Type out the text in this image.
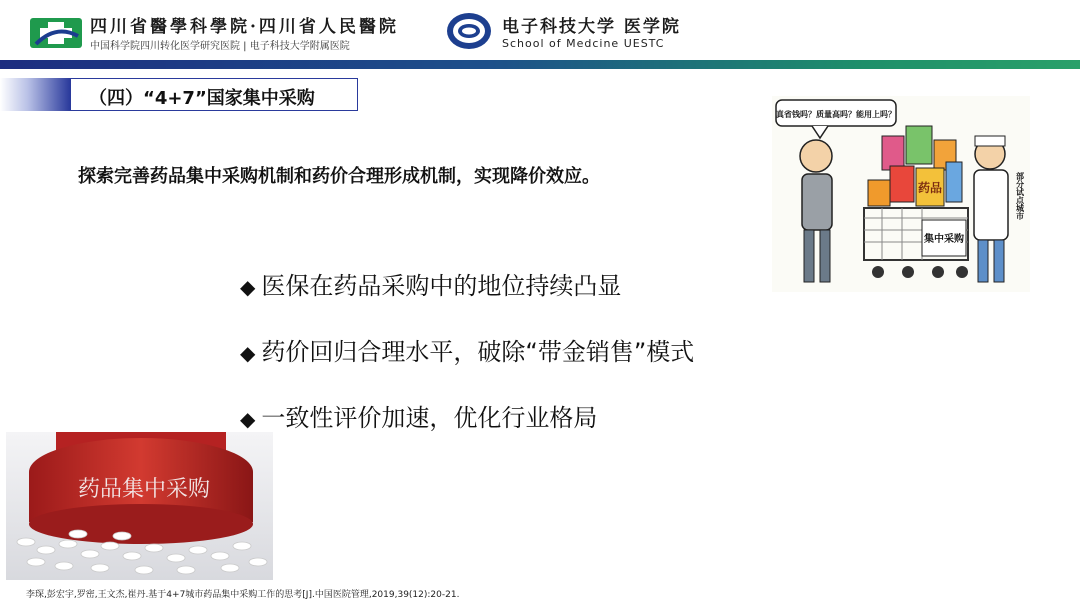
四川省醫學科學院·四川省人民醫院
中国科学院四川转化医学研究医院 | 电子科技大学附属医院
电子科技大学 医学院
School of Medcine UESTC
（四）“4+7”国家集中采购
探索完善药品集中采购机制和药价合理形成机制，实现降价效应。
◆ 医保在药品采购中的地位持续凸显
◆ 药价回归合理水平，破除“带金销售”模式
◆ 一致性评价加速，优化行业格局
真省钱吗？质量高吗？能用上吗？
药品
集中采购
部分试点城市
药品集中采购
李琛,彭宏宇,罗密,王文杰,崔丹.基于4+7城市药品集中采购工作的思考[J].中国医院管理,2019,39(12):20-21.
